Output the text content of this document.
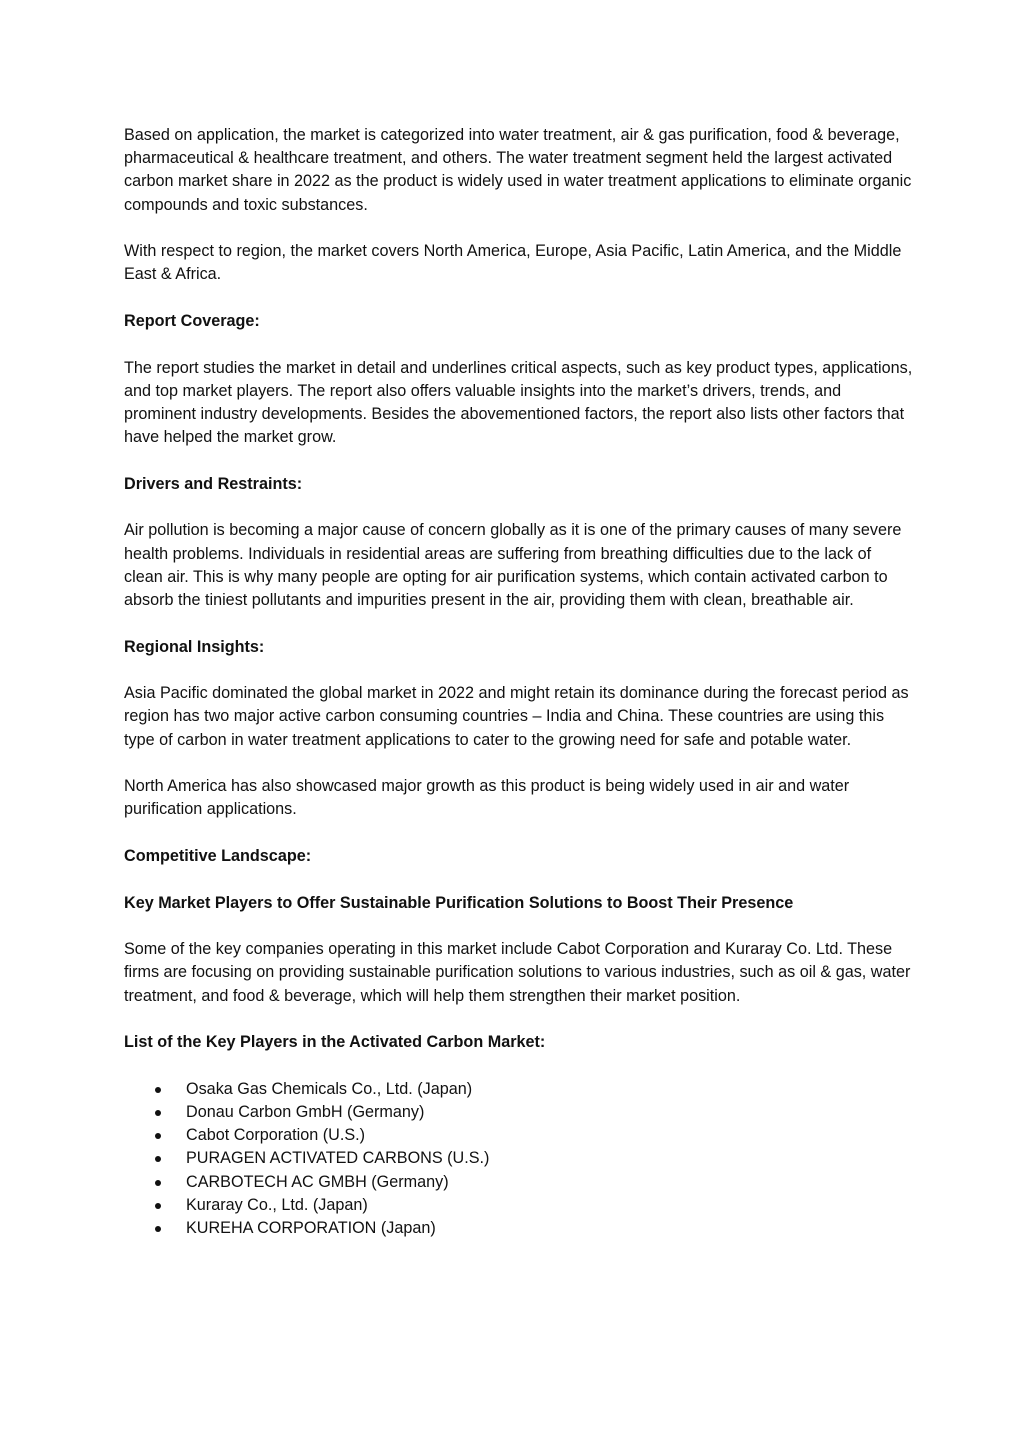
Based on application, the market is categorized into water treatment, air & gas purification, food & beverage, pharmaceutical & healthcare treatment, and others. The water treatment segment held the largest activated carbon market share in 2022 as the product is widely used in water treatment applications to eliminate organic compounds and toxic substances.

With respect to region, the market covers North America, Europe, Asia Pacific, Latin America, and the Middle East & Africa.

Report Coverage:

The report studies the market in detail and underlines critical aspects, such as key product types, applications, and top market players. The report also offers valuable insights into the market’s drivers, trends, and prominent industry developments. Besides the abovementioned factors, the report also lists other factors that have helped the market grow.

Drivers and Restraints:

Air pollution is becoming a major cause of concern globally as it is one of the primary causes of many severe health problems. Individuals in residential areas are suffering from breathing difficulties due to the lack of clean air. This is why many people are opting for air purification systems, which contain activated carbon to absorb the tiniest pollutants and impurities present in the air, providing them with clean, breathable air.

Regional Insights:

Asia Pacific dominated the global market in 2022 and might retain its dominance during the forecast period as region has two major active carbon consuming countries – India and China. These countries are using this type of carbon in water treatment applications to cater to the growing need for safe and potable water.

North America has also showcased major growth as this product is being widely used in air and water purification applications.

Competitive Landscape:

Key Market Players to Offer Sustainable Purification Solutions to Boost Their Presence

Some of the key companies operating in this market include Cabot Corporation and Kuraray Co. Ltd. These firms are focusing on providing sustainable purification solutions to various industries, such as oil & gas, water treatment, and food & beverage, which will help them strengthen their market position.

List of the Key Players in the Activated Carbon Market:

Osaka Gas Chemicals Co., Ltd. (Japan)
Donau Carbon GmbH (Germany)
Cabot Corporation (U.S.)
PURAGEN ACTIVATED CARBONS (U.S.)
CARBOTECH AC GMBH (Germany)
Kuraray Co., Ltd. (Japan)
KUREHA CORPORATION (Japan)
